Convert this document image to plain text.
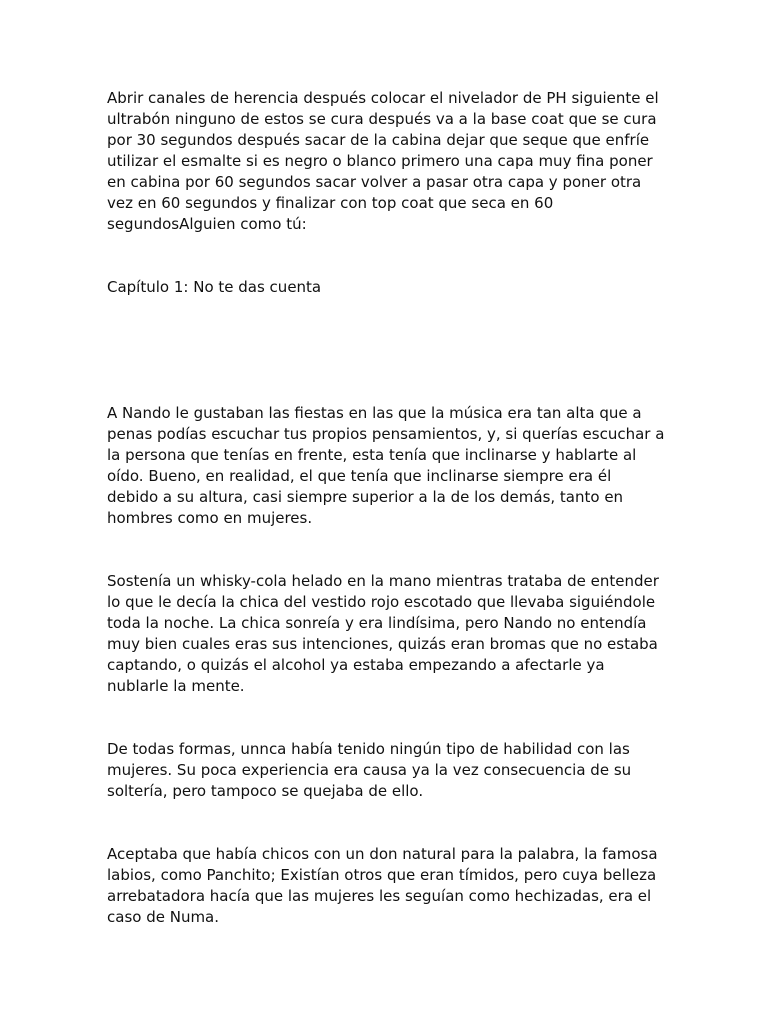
Abrir canales de herencia después colocar el nivelador de PH siguiente el ultrabón ninguno de estos se cura después va a la base coat que se cura por 30 segundos después sacar de la cabina dejar que seque que enfríe utilizar el esmalte si es negro o blanco primero una capa muy fina poner en cabina por 60 segundos sacar volver a pasar otra capa y poner otra vez en 60 segundos y finalizar con top coat que seca en 60 segundosAlguien como tú:

Capítulo 1: No te das cuenta

A Nando le gustaban las fiestas en las que la música era tan alta que a penas podías escuchar tus propios pensamientos, y, si querías escuchar a la persona que tenías en frente, esta tenía que inclinarse y hablarte al oído. Bueno, en realidad, el que tenía que inclinarse siempre era él debido a su altura, casi siempre superior a la de los demás, tanto en hombres como en mujeres.

Sostenía un whisky-cola helado en la mano mientras trataba de entender lo que le decía la chica del vestido rojo escotado que llevaba siguiéndole toda la noche. La chica sonreía y era lindísima, pero Nando no entendía muy bien cuales eras sus intenciones, quizás eran bromas que no estaba captando, o quizás el alcohol ya estaba empezando a afectarle ya nublarle la mente.

De todas formas, unnca había tenido ningún tipo de habilidad con las mujeres. Su poca experiencia era causa ya la vez consecuencia de su soltería, pero tampoco se quejaba de ello.

Aceptaba que había chicos con un don natural para la palabra, la famosa labios, como Panchito; Existían otros que eran tímidos, pero cuya belleza arrebatadora hacía que las mujeres les seguían como hechizadas, era el caso de Numa.
